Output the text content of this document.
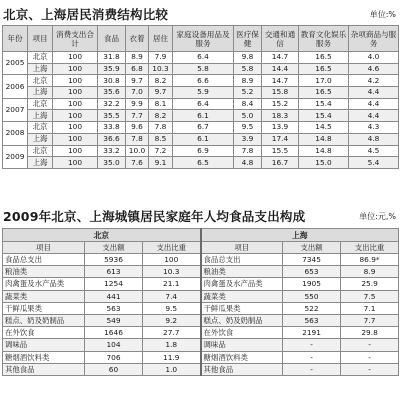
北京、上海居民消费结构比较	单位:%
年份	项目	消费支出合计	食品	衣着	居住	家庭设备用品及服务	医疗保健	交通和通信	教育文化娱乐服务	杂项商品与服务
2005	北京	100	31.8	8.9	7.9	6.4	9.8	14.7	16.5	4.0
	上海	100	35.9	6.8	10.3	5.8	5.8	14.4	16.5	4.6
2006	北京	100	30.8	9.7	8.2	6.6	8.9	14.7	17.0	4.2
	上海	100	35.6	7.0	9.7	5.9	5.2	15.8	16.5	4.4
2007	北京	100	32.2	9.9	8.1	6.4	8.4	15.2	15.4	4.4
	上海	100	35.5	7.7	8.2	6.1	5.0	18.3	15.4	4.4
2008	北京	100	33.8	9.6	7.8	6.7	9.5	13.9	14.5	4.3
	上海	100	36.6	7.8	8.5	6.1	3.9	17.4	14.8	4.8
2009	北京	100	33.2	10.0	7.2	6.9	7.8	15.5	14.8	4.5
	上海	100	35.0	7.6	9.1	6.5	4.8	16.7	15.0	5.4
2009年北京、上海城镇居民家庭年人均食品支出构成	单位:元,%
北京			上海		
项目	支出额	支出比重	项目	支出额	支出比重
食品总支出	5936	100	食品总支出	7345	86.9*
粮油类	613	10.3	粮油类	653	8.9
肉禽蛋及水产品类	1254	21.1	肉禽蛋及水产品类	1905	25.9
蔬菜类	441	7.4	蔬菜类	550	7.5
干鲜瓜果类	563	9.5	干鲜瓜果类	522	7.1
糕点、奶及奶制品	549	9.2	糕点、奶及奶制品	563	7.7
在外饮食	1646	27.7	在外饮食	2191	29.8
调味品	104	1.8	调味品	-	-
糖烟酒饮料类	706	11.9	糖烟酒饮料类	-	-
其他食品	60	1.0	其他食品	-	-
